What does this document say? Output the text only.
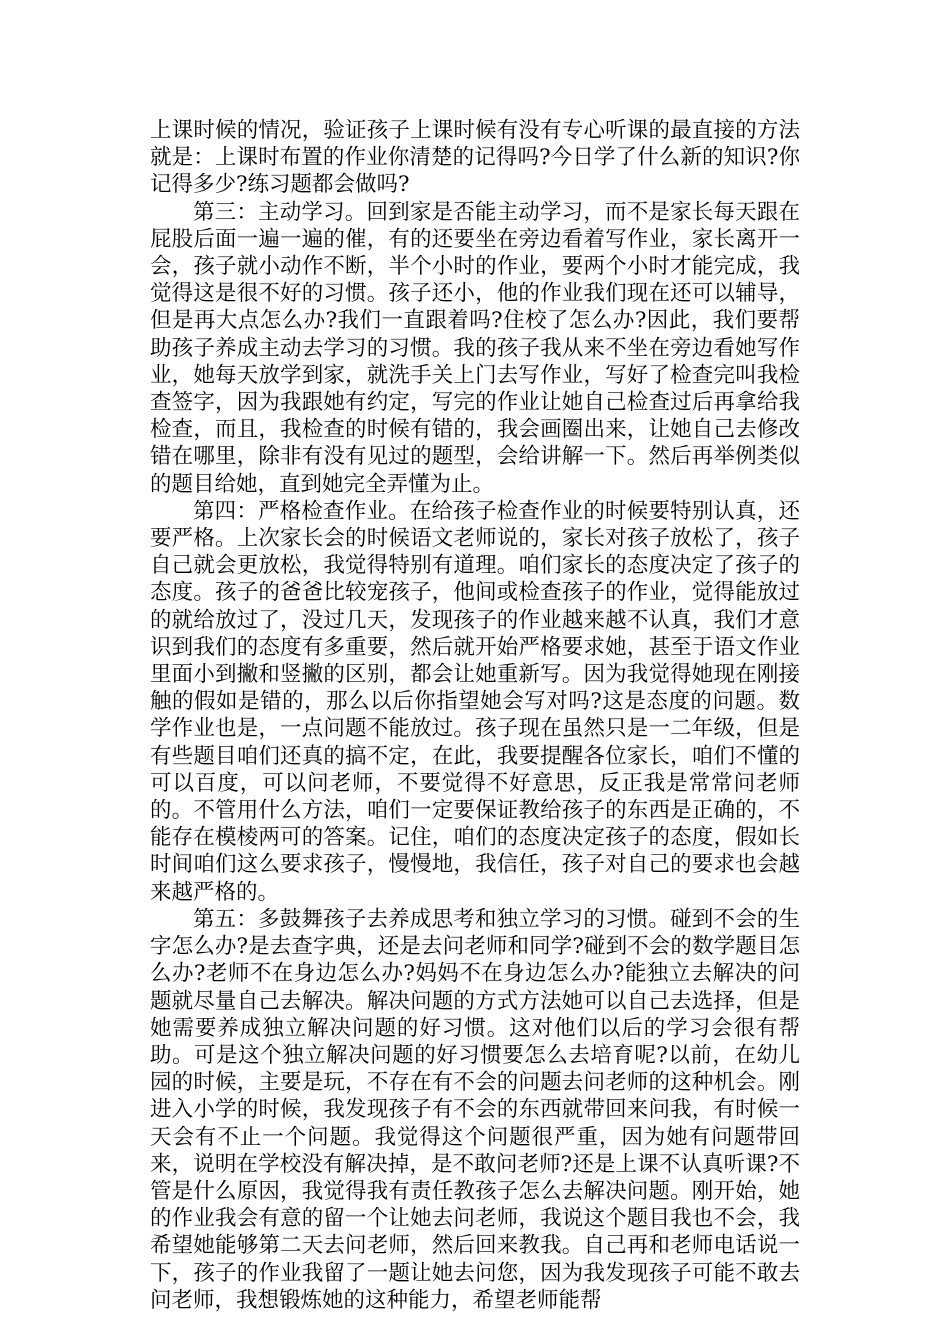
上课时候的情况，验证孩子上课时候有没有专心听课的最直接的方法就是：上课时布置的作业你清楚的记得吗?今日学了什么新的知识?你记得多少?练习题都会做吗?

第三：主动学习。回到家是否能主动学习，而不是家长每天跟在屁股后面一遍一遍的催，有的还要坐在旁边看着写作业，家长离开一会，孩子就小动作不断，半个小时的作业，要两个小时才能完成，我觉得这是很不好的习惯。孩子还小，他的作业我们现在还可以辅导，但是再大点怎么办?我们一直跟着吗?住校了怎么办?因此，我们要帮助孩子养成主动去学习的习惯。我的孩子我从来不坐在旁边看她写作业，她每天放学到家，就洗手关上门去写作业，写好了检查完叫我检查签字，因为我跟她有约定，写完的作业让她自己检查过后再拿给我检查，而且，我检查的时候有错的，我会画圈出来，让她自己去修改错在哪里，除非有没有见过的题型，会给讲解一下。然后再举例类似的题目给她，直到她完全弄懂为止。

第四：严格检查作业。在给孩子检查作业的时候要特别认真，还要严格。上次家长会的时候语文老师说的，家长对孩子放松了，孩子自己就会更放松，我觉得特别有道理。咱们家长的态度决定了孩子的态度。孩子的爸爸比较宠孩子，他间或检查孩子的作业，觉得能放过的就给放过了，没过几天，发现孩子的作业越来越不认真，我们才意识到我们的态度有多重要，然后就开始严格要求她，甚至于语文作业里面小到撇和竖撇的区别，都会让她重新写。因为我觉得她现在刚接触的假如是错的，那么以后你指望她会写对吗?这是态度的问题。数学作业也是，一点问题不能放过。孩子现在虽然只是一二年级，但是有些题目咱们还真的搞不定，在此，我要提醒各位家长，咱们不懂的可以百度，可以问老师，不要觉得不好意思，反正我是常常问老师的。不管用什么方法，咱们一定要保证教给孩子的东西是正确的，不能存在模棱两可的答案。记住，咱们的态度决定孩子的态度，假如长时间咱们这么要求孩子，慢慢地，我信任，孩子对自己的要求也会越来越严格的。

第五：多鼓舞孩子去养成思考和独立学习的习惯。碰到不会的生字怎么办?是去查字典，还是去问老师和同学?碰到不会的数学题目怎么办?老师不在身边怎么办?妈妈不在身边怎么办?能独立去解决的问题就尽量自己去解决。解决问题的方式方法她可以自己去选择，但是她需要养成独立解决问题的好习惯。这对他们以后的学习会很有帮助。可是这个独立解决问题的好习惯要怎么去培育呢?以前，在幼儿园的时候，主要是玩，不存在有不会的问题去问老师的这种机会。刚进入小学的时候，我发现孩子有不会的东西就带回来问我，有时候一天会有不止一个问题。我觉得这个问题很严重，因为她有问题带回来，说明在学校没有解决掉，是不敢问老师?还是上课不认真听课?不管是什么原因，我觉得我有责任教孩子怎么去解决问题。刚开始，她的作业我会有意的留一个让她去问老师，我说这个题目我也不会，我希望她能够第二天去问老师，然后回来教我。自己再和老师电话说一下，孩子的作业我留了一题让她去问您，因为我发现孩子可能不敢去问老师，我想锻炼她的这种能力，希望老师能帮
